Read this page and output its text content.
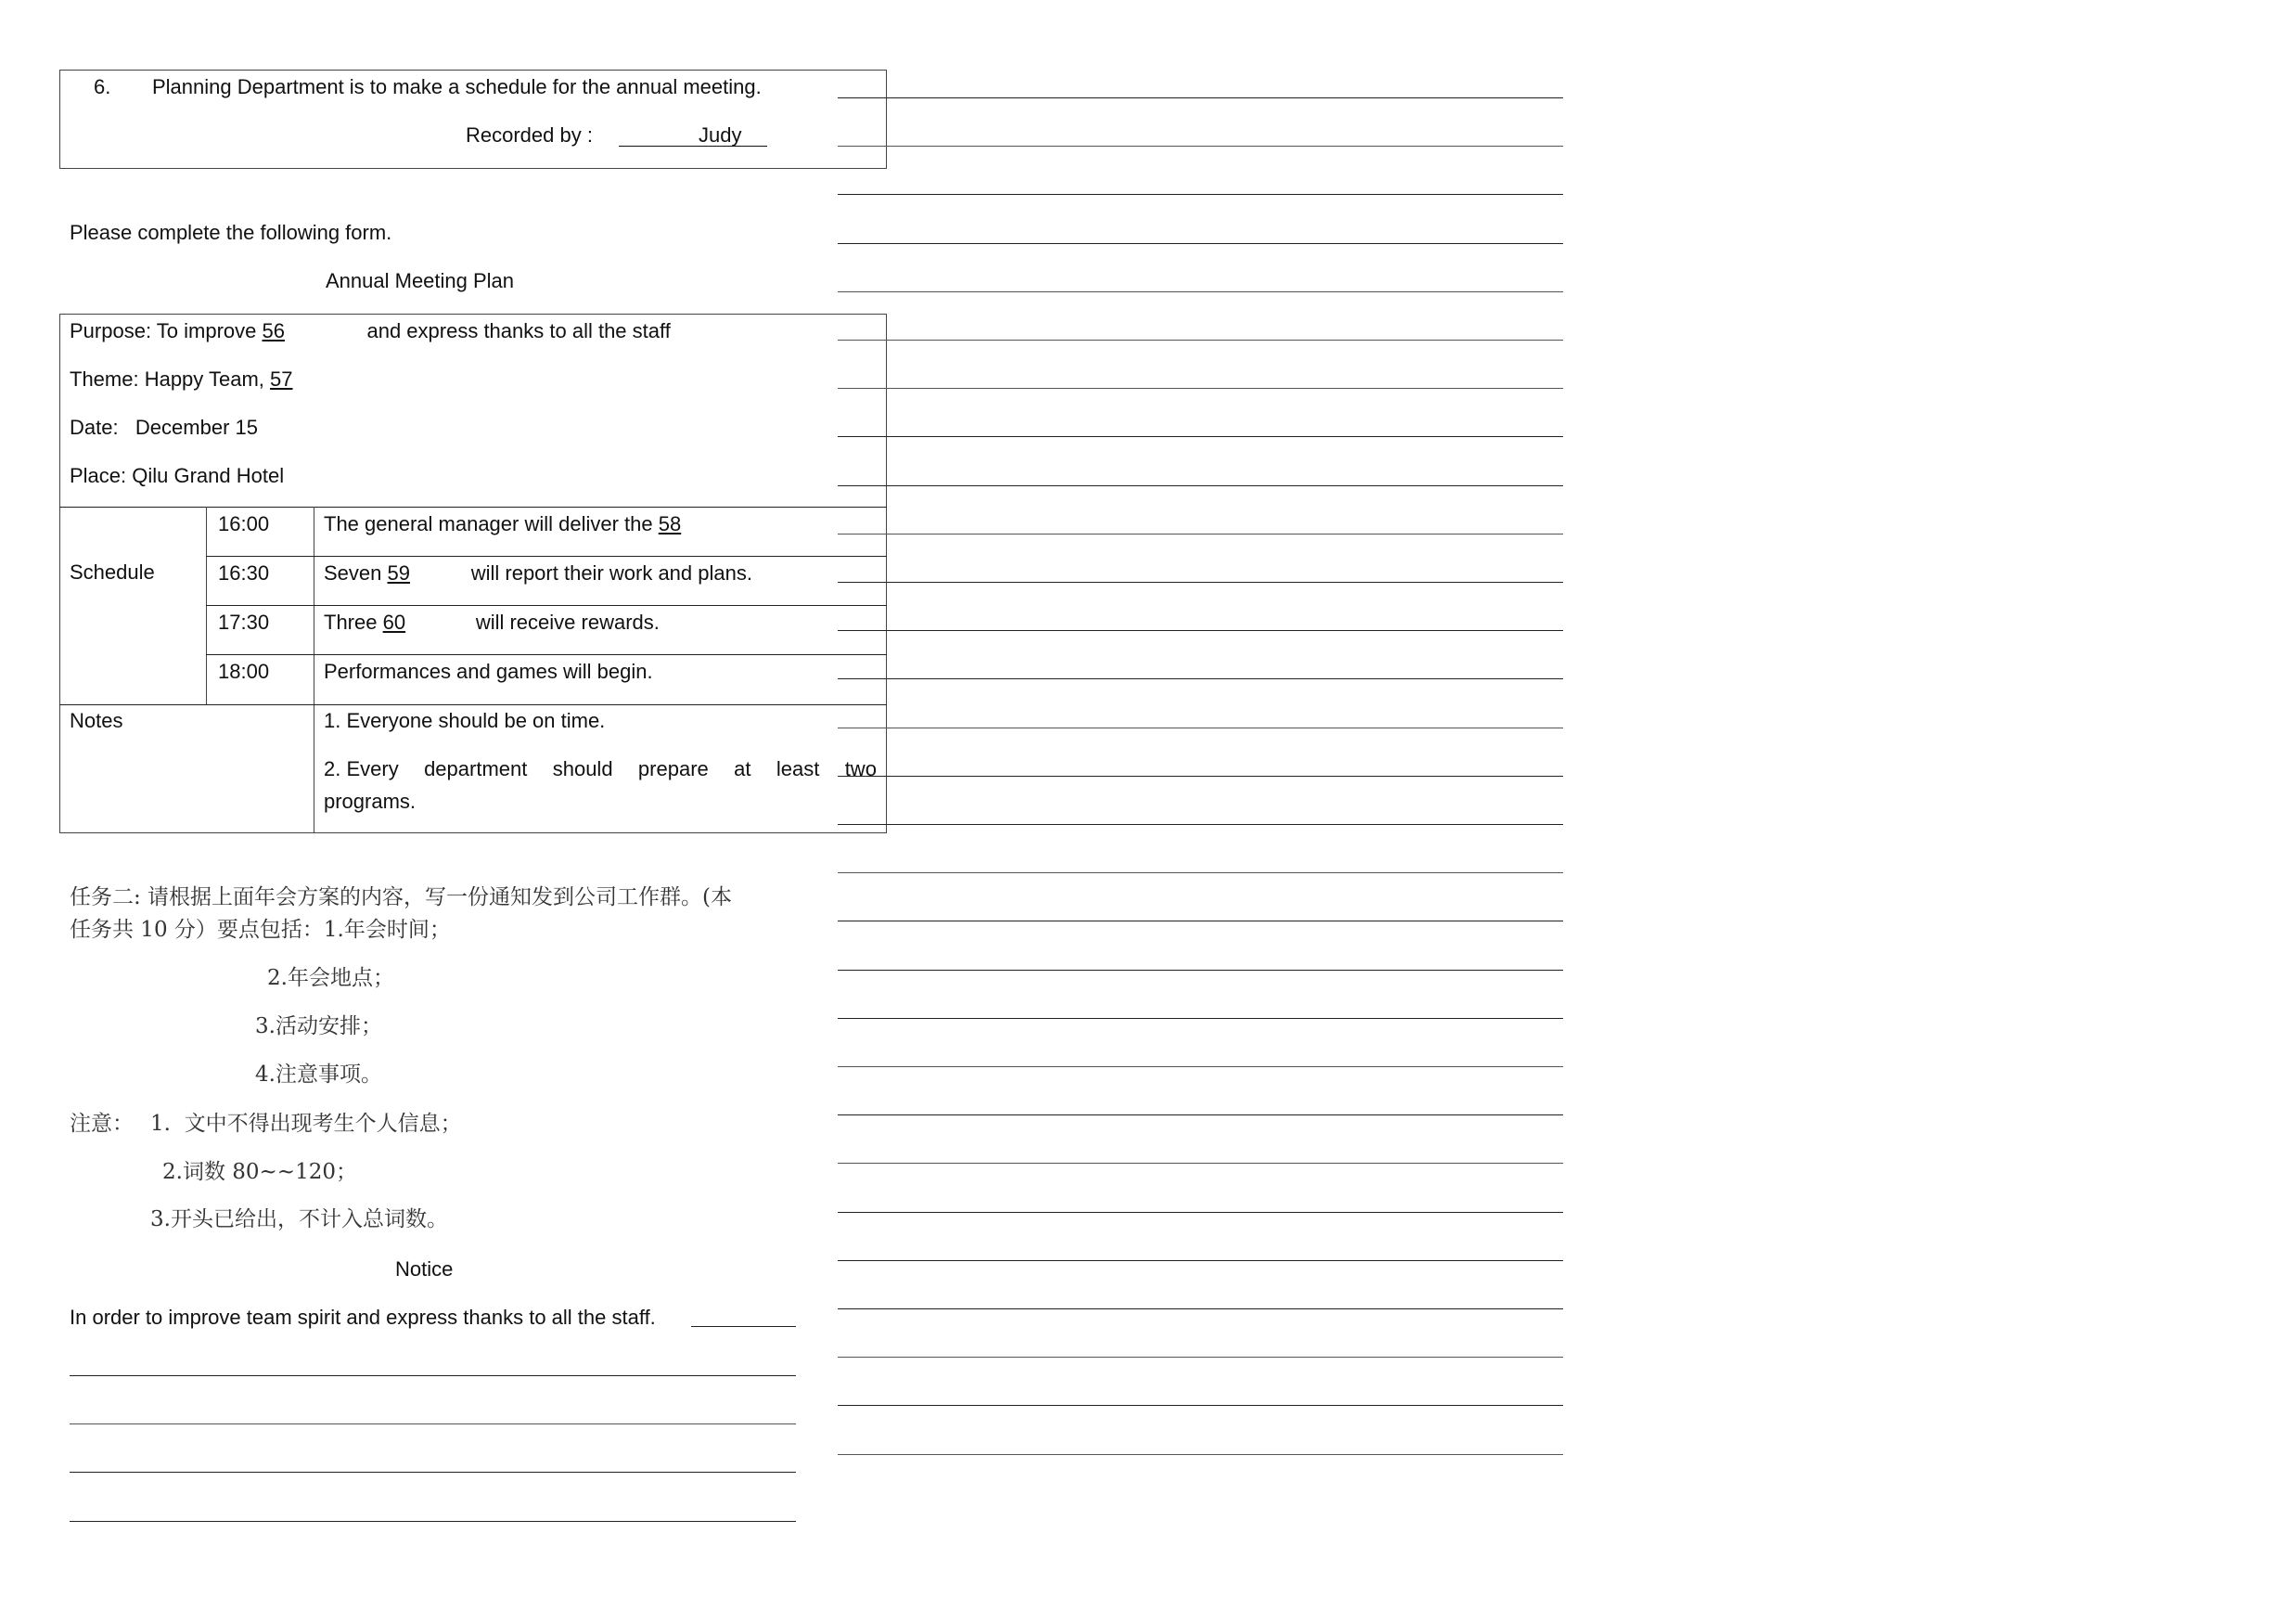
6. Planning Department is to make a schedule for the annual meeting.
Recorded by :	Judy
Please complete the following form.
Annual Meeting Plan
Purpose: To improve 56	and express thanks to all the staff
Theme: Happy Team, 57
Date:   December 15
Place: Qilu Grand Hotel
Schedule
16:00	The general manager will deliver the 58
16:30	Seven 59  will report their work and plans.
17:30	Three 60	will receive rewards.
18:00	Performances and games will begin.
Notes	1. Everyone should be on time.
2. Every department should prepare at least two
programs.
任务二: 请根据上面年会方案的内容，写一份通知发到公司工作群。(本
任务共 10 分）要点包括：1.年会时间；
2.年会地点；
3.活动安排；
4.注意事项。
注意： 1.  文中不得出现考生个人信息；
2.词数 80~~120；
3.开头已给出，不计入总词数。
Notice
In order to improve team spirit and express thanks to all the staff.
